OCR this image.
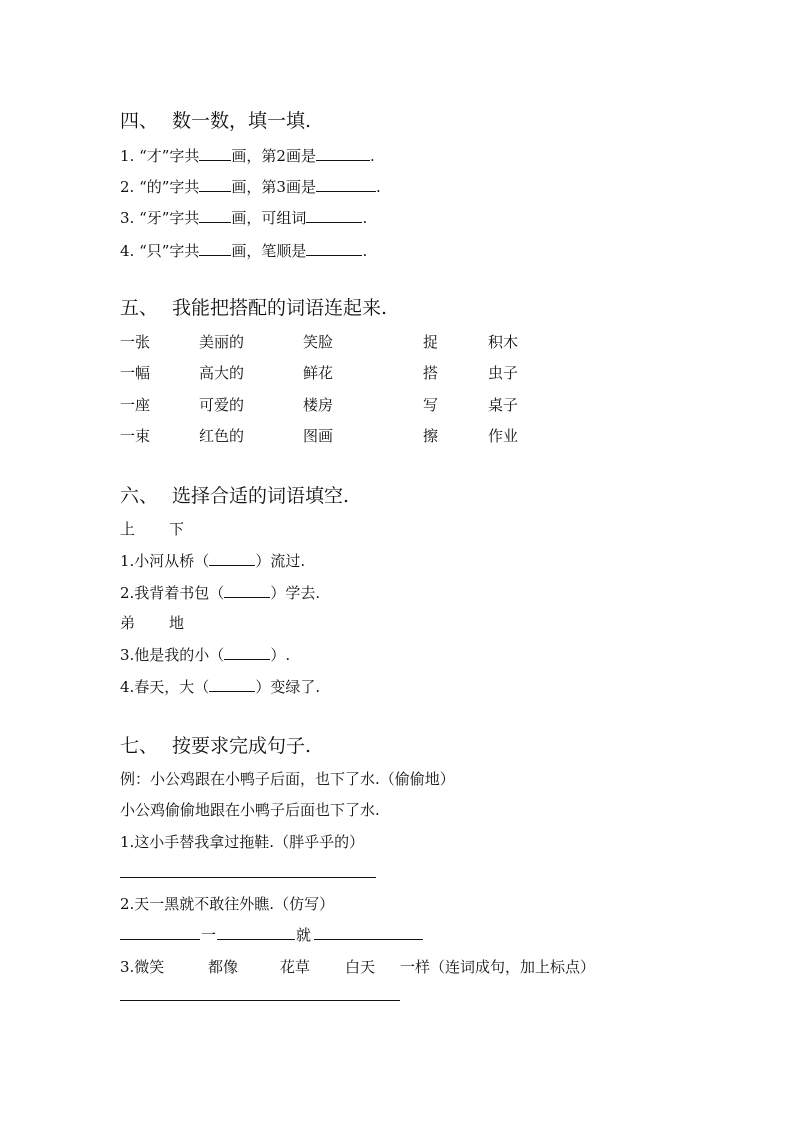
四、 数一数，填一填.
1. “才”字共 画，第2画是	.
2. “的”字共 画，第3画是	.
3. “牙”字共 画，可组词	.
4. “只”字共 画，笔顺是	.
五、 我能把搭配的词语连起来.
一张	美丽的	笑脸	捉	积木
一幅	高大的	鲜花	搭	虫子
一座	可爱的	楼房	写	桌子
一束	红色的	图画	擦	作业
六、 选择合适的词语填空.
上 下
1.小河从桥（	）流过.
2.我背着书包（	）学去.
弟 地
3.他是我的小（	）.
4.春天，大（	）变绿了.
七、 按要求完成句子.
例：小公鸡跟在小鸭子后面，也下了水.（偷偷地）
小公鸡偷偷地跟在小鸭子后面也下了水.
1.这小手替我拿过拖鞋.（胖乎乎的）
2.天一黑就不敢往外瞧.（仿写）
一	就
3.微笑	都像	花草 白天 一样（连词成句，加上标点）
